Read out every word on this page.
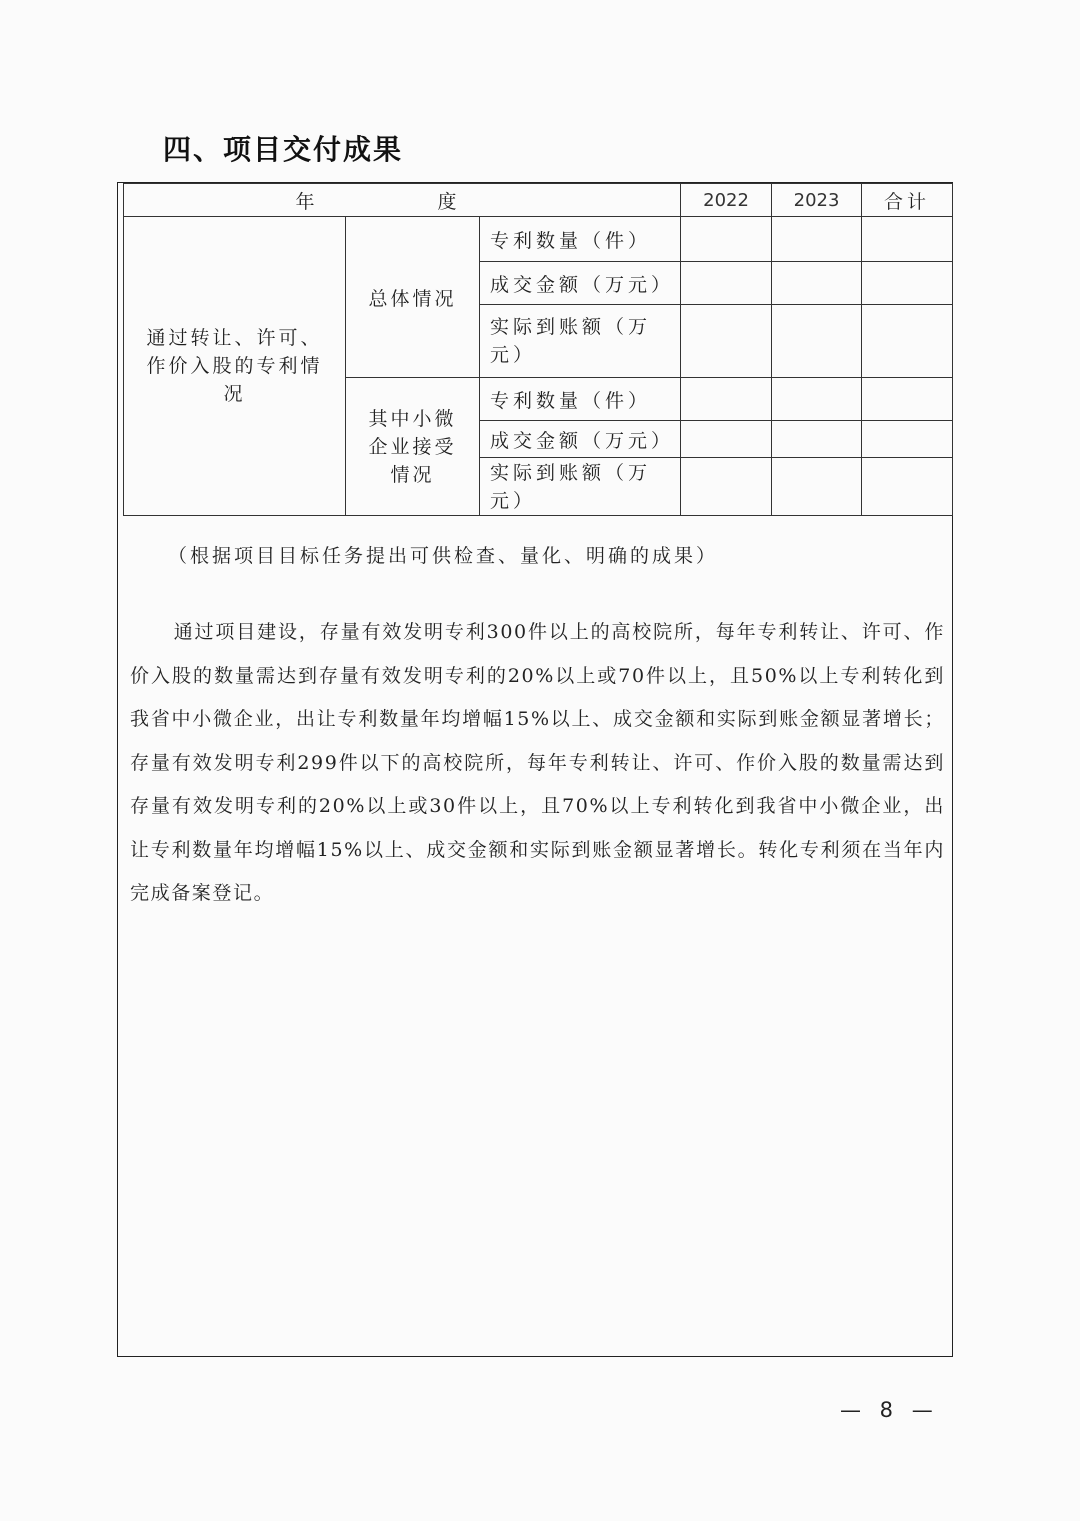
四、项目交付成果
年　度			2022	2023	合计
通过转让、许可、作价入股的专利情况	总体情况	专利数量（件）			
		成交金额（万元）			
		实际到账额（万元）			
	其中小微企业接受情况	专利数量（件）			
		成交金额（万元）			
		实际到账额（万元）			
（根据项目目标任务提出可供检查、量化、明确的成果）
通过项目建设，存量有效发明专利300件以上的高校院所，每年专利转让、许可、作价入股的数量需达到存量有效发明专利的20%以上或70件以上，且50%以上专利转化到我省中小微企业，出让专利数量年均增幅15%以上、成交金额和实际到账金额显著增长；存量有效发明专利299件以下的高校院所，每年专利转让、许可、作价入股的数量需达到存量有效发明专利的20%以上或30件以上，且70%以上专利转化到我省中小微企业，出让专利数量年均增幅15%以上、成交金额和实际到账金额显著增长。转化专利须在当年内完成备案登记。
— 8 —
